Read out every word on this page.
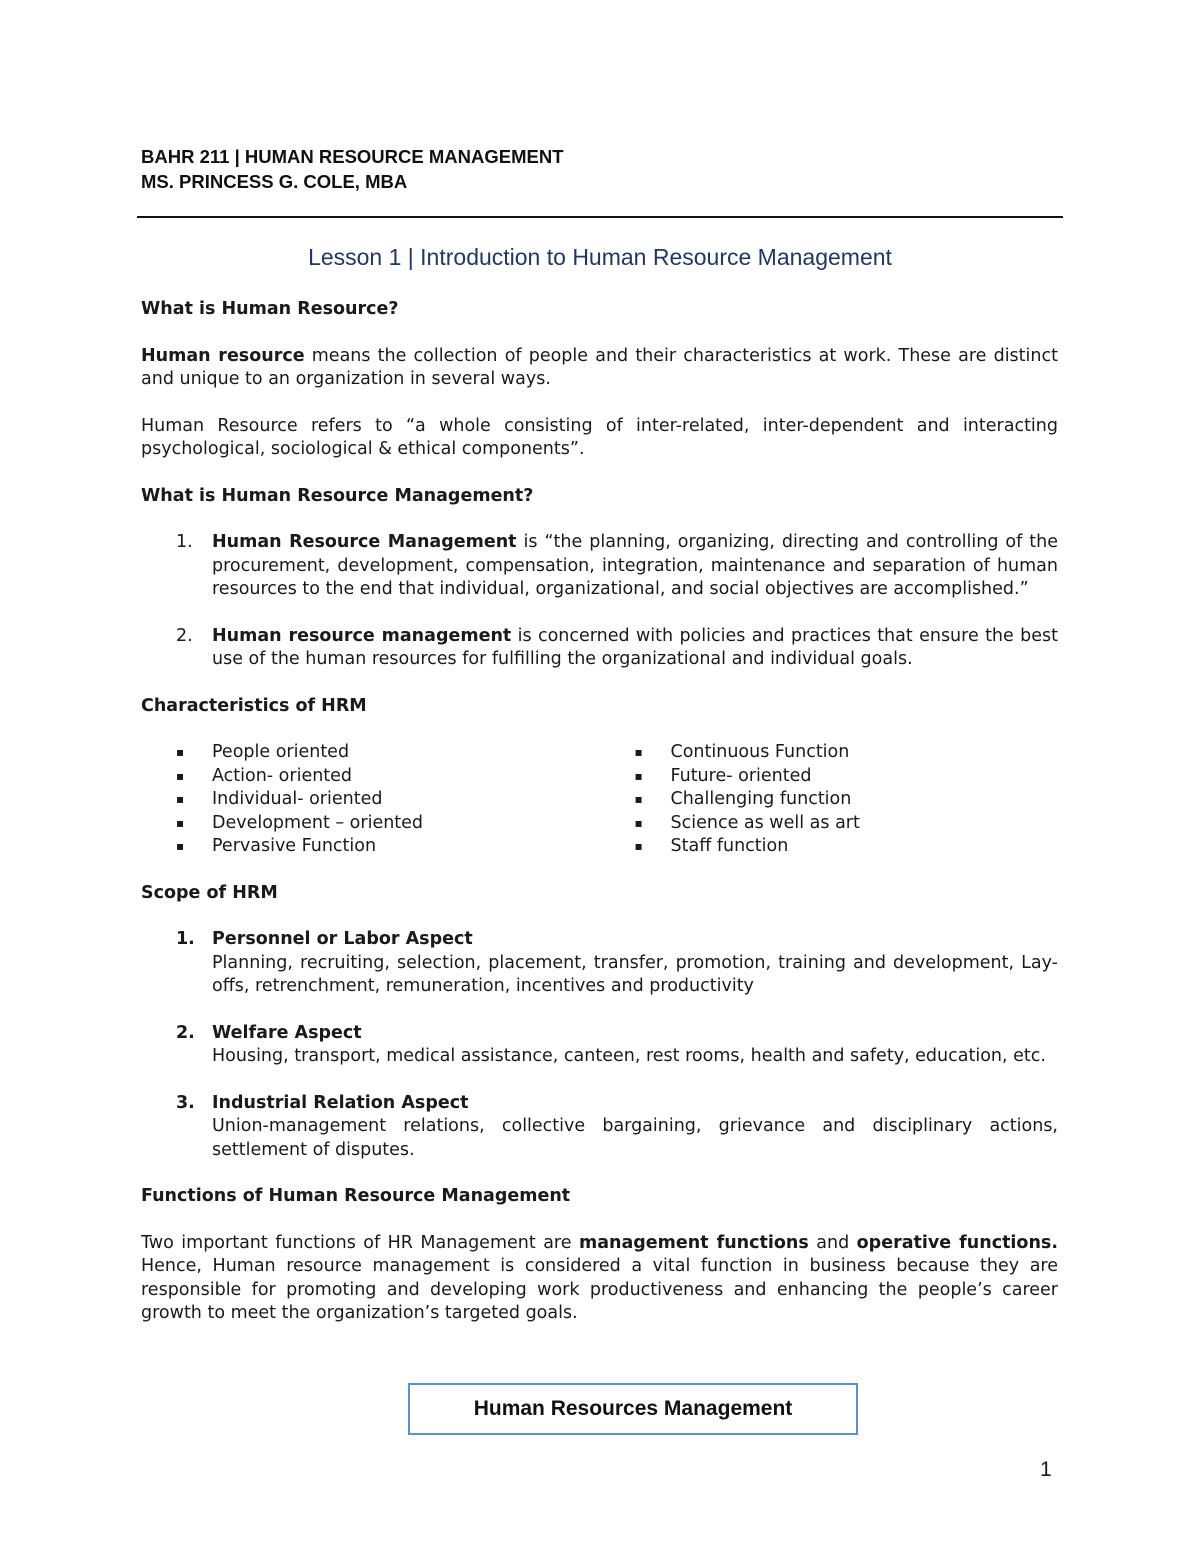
BAHR 211 | HUMAN RESOURCE MANAGEMENT
MS. PRINCESS G. COLE, MBA
Lesson 1 | Introduction to Human Resource Management

What is Human Resource?

Human resource means the collection of people and their characteristics at work. These are distinct and unique to an organization in several ways.

Human Resource refers to “a whole consisting of inter-related, inter-dependent and interacting psychological, sociological & ethical components”.

What is Human Resource Management?

1. Human Resource Management is “the planning, organizing, directing and controlling of the procurement, development, compensation, integration, maintenance and separation of human resources to the end that individual, organizational, and social objectives are accomplished.”
2. Human resource management is concerned with policies and practices that ensure the best use of the human resources for fulfilling the organizational and individual goals.

Characteristics of HRM

▪ People oriented
▪ Action- oriented
▪ Individual- oriented
▪ Development – oriented
▪ Pervasive Function
▪ Continuous Function
▪ Future- oriented
▪ Challenging function
▪ Science as well as art
▪ Staff function

Scope of HRM

1. Personnel or Labor Aspect
Planning, recruiting, selection, placement, transfer, promotion, training and development, Lay-offs, retrenchment, remuneration, incentives and productivity
2. Welfare Aspect
Housing, transport, medical assistance, canteen, rest rooms, health and safety, education, etc.
3. Industrial Relation Aspect
Union-management relations, collective bargaining, grievance and disciplinary actions, settlement of disputes.

Functions of Human Resource Management

Two important functions of HR Management are management functions and operative functions. Hence, Human resource management is considered a vital function in business because they are responsible for promoting and developing work productiveness and enhancing the people’s career growth to meet the organization’s targeted goals.

Human Resources Management
1
